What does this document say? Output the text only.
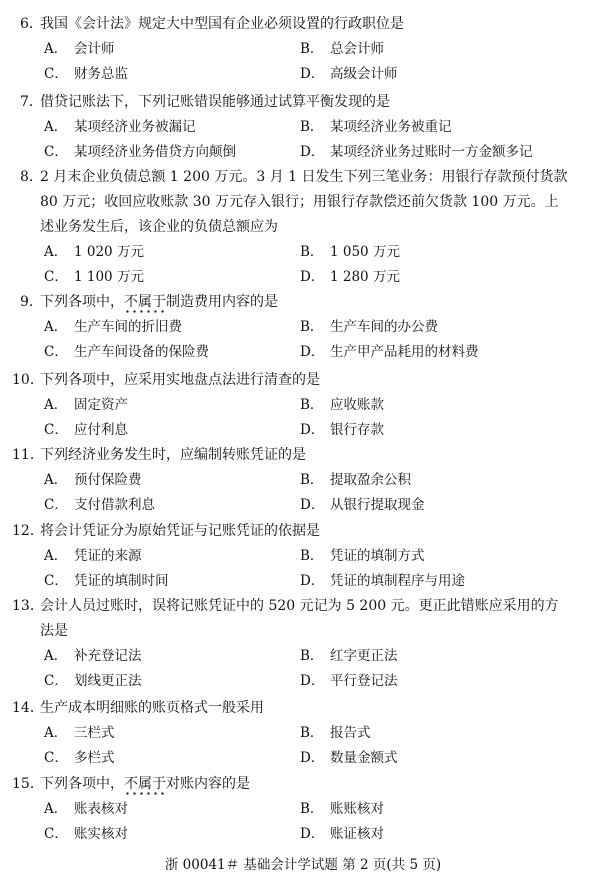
6．
我国《会计法》规定大中型国有企业必须设置的行政职位是
A． 会计师	B． 总会计师
C． 财务总监	D． 高级会计师
7．
借贷记账法下，下列记账错误能够通过试算平衡发现的是
A． 某项经济业务被漏记	B． 某项经济业务被重记
C． 某项经济业务借贷方向颠倒	D． 某项经济业务过账时一方金额多记
8．
2 月末企业负债总额 1 200 万元。3 月 1 日发生下列三笔业务：用银行存款预付货款
80 万元；收回应收账款 30 万元存入银行；用银行存款偿还前欠货款 100 万元。上
述业务发生后，该企业的负债总额应为
A． 1 020 万元	B． 1 050 万元
C． 1 100 万元	D． 1 280 万元
9．
下列各项中，不属于制造费用内容的是
A． 生产车间的折旧费	B． 生产车间的办公费
C． 生产车间设备的保险费	D． 生产甲产品耗用的材料费
10．
下列各项中，应采用实地盘点法进行清查的是
A． 固定资产	B． 应收账款
C． 应付利息	D． 银行存款
11．
下列经济业务发生时，应编制转账凭证的是
A． 预付保险费	B． 提取盈余公积
C． 支付借款利息	D． 从银行提取现金
12．
将会计凭证分为原始凭证与记账凭证的依据是
A． 凭证的来源	B． 凭证的填制方式
C． 凭证的填制时间	D． 凭证的填制程序与用途
13．
会计人员过账时，误将记账凭证中的 520 元记为 5 200 元。更正此错账应采用的方
法是
A． 补充登记法	B． 红字更正法
C． 划线更正法	D． 平行登记法
14．
生产成本明细账的账页格式一般采用
A． 三栏式	B． 报告式
C． 多栏式	D． 数量金额式
15．
下列各项中，不属于对账内容的是
A． 账表核对	B． 账账核对
C． 账实核对	D． 账证核对
浙 00041＃ 基础会计学试题 第 2 页(共 5 页)
